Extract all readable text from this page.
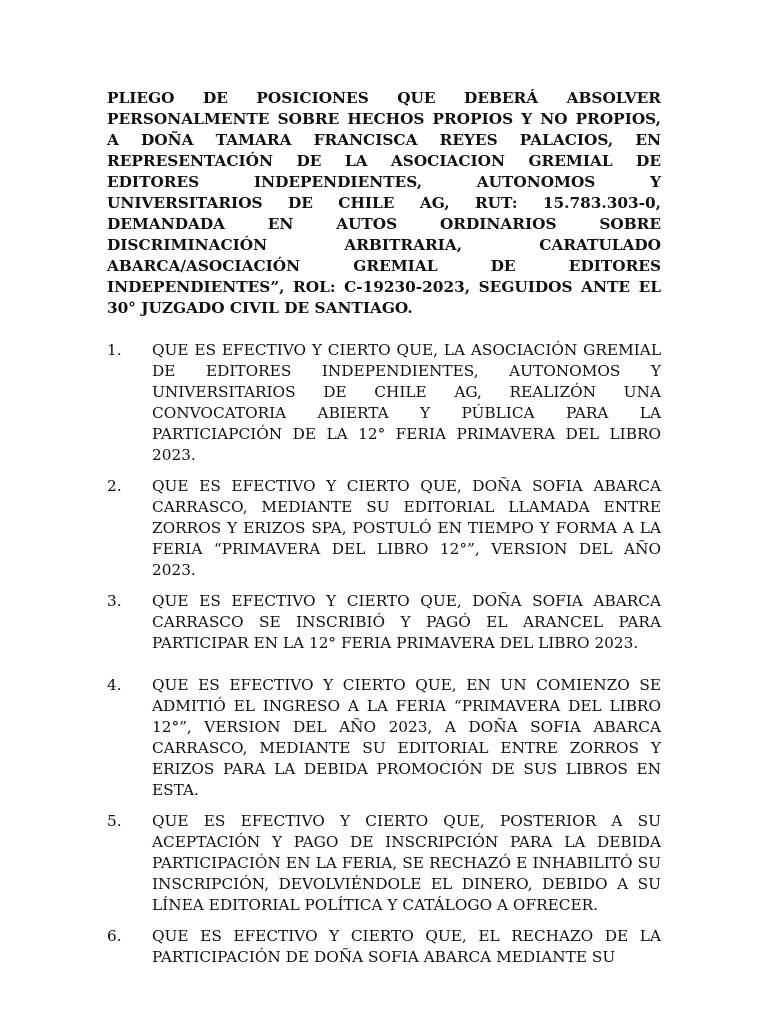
PLIEGO DE POSICIONES QUE DEBERÁ ABSOLVER PERSONALMENTE SOBRE HECHOS PROPIOS Y NO PROPIOS, A DOÑA TAMARA FRANCISCA REYES PALACIOS, EN REPRESENTACIÓN DE LA ASOCIACION GREMIAL DE EDITORES INDEPENDIENTES, AUTONOMOS Y UNIVERSITARIOS DE CHILE AG, RUT: 15.783.303-0, DEMANDADA EN AUTOS ORDINARIOS SOBRE DISCRIMINACIÓN ARBITRARIA, CARATULADO ABARCA/ASOCIACIÓN GREMIAL DE EDITORES INDEPENDIENTES”, ROL: C-19230-2023, SEGUIDOS ANTE EL 30° JUZGADO CIVIL DE SANTIAGO.

1. QUE ES EFECTIVO Y CIERTO QUE, LA ASOCIACIÓN GREMIAL DE EDITORES INDEPENDIENTES, AUTONOMOS Y UNIVERSITARIOS DE CHILE AG, REALIZÓN UNA CONVOCATORIA ABIERTA Y PÚBLICA PARA LA PARTICIAPCIÓN DE LA 12° FERIA PRIMAVERA DEL LIBRO 2023.
2. QUE ES EFECTIVO Y CIERTO QUE, DOÑA SOFIA ABARCA CARRASCO, MEDIANTE SU EDITORIAL LLAMADA ENTRE ZORROS Y ERIZOS SPA, POSTULÓ EN TIEMPO Y FORMA A LA FERIA “PRIMAVERA DEL LIBRO 12°”, VERSION DEL AÑO 2023.
3. QUE ES EFECTIVO Y CIERTO QUE, DOÑA SOFIA ABARCA CARRASCO SE INSCRIBIÓ Y PAGÓ EL ARANCEL PARA PARTICIPAR EN LA 12° FERIA PRIMAVERA DEL LIBRO 2023.
4. QUE ES EFECTIVO Y CIERTO QUE, EN UN COMIENZO SE ADMITIÓ EL INGRESO A LA FERIA “PRIMAVERA DEL LIBRO 12°”, VERSION DEL AÑO 2023, A DOÑA SOFIA ABARCA CARRASCO, MEDIANTE SU EDITORIAL ENTRE ZORROS Y ERIZOS PARA LA DEBIDA PROMOCIÓN DE SUS LIBROS EN ESTA.
5. QUE ES EFECTIVO Y CIERTO QUE, POSTERIOR A SU ACEPTACIÓN Y PAGO DE INSCRIPCIÓN PARA LA DEBIDA PARTICIPACIÓN EN LA FERIA, SE RECHAZÓ E INHABILITÓ SU INSCRIPCIÓN, DEVOLVIÉNDOLE EL DINERO, DEBIDO A SU LÍNEA EDITORIAL POLÍTICA Y CATÁLOGO A OFRECER.
6. QUE ES EFECTIVO Y CIERTO QUE, EL RECHAZO DE LA PARTICIPACIÓN DE DOÑA SOFIA ABARCA MEDIANTE SU
